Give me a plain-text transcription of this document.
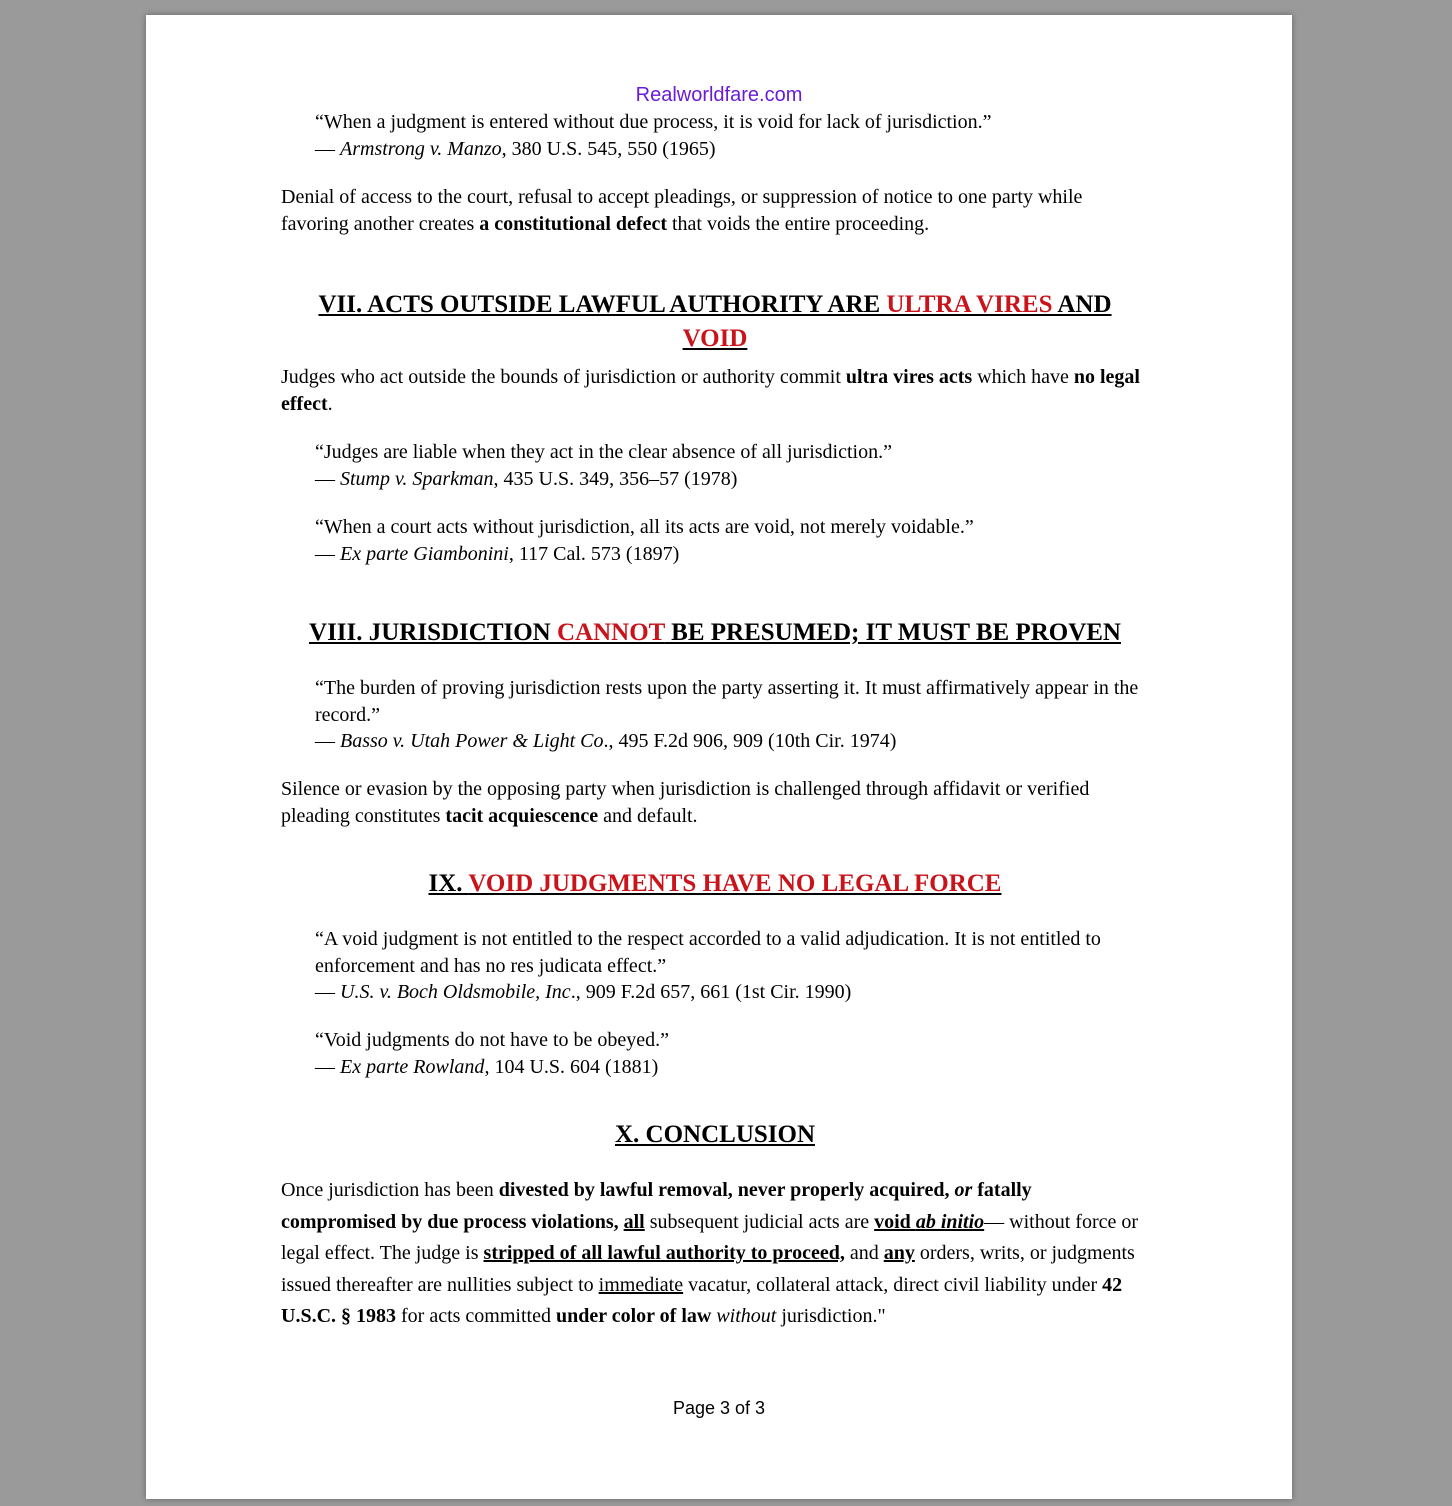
Realworldfare.com

“When a judgment is entered without due process, it is void for lack of jurisdiction.”

— Armstrong v. Manzo, 380 U.S. 545, 550 (1965)

Denial of access to the court, refusal to accept pleadings, or suppression of notice to one party while favoring another creates a constitutional defect that voids the entire proceeding.

VII. ACTS OUTSIDE LAWFUL AUTHORITY ARE ULTRA VIRES AND
VOID

Judges who act outside the bounds of jurisdiction or authority commit ultra vires acts which have no legal effect.

“Judges are liable when they act in the clear absence of all jurisdiction.”

— Stump v. Sparkman, 435 U.S. 349, 356–57 (1978)

“When a court acts without jurisdiction, all its acts are void, not merely voidable.”

— Ex parte Giambonini, 117 Cal. 573 (1897)

VIII. JURISDICTION CANNOT BE PRESUMED; IT MUST BE PROVEN

“The burden of proving jurisdiction rests upon the party asserting it. It must affirmatively appear in the record.”

— Basso v. Utah Power & Light Co., 495 F.2d 906, 909 (10th Cir. 1974)

Silence or evasion by the opposing party when jurisdiction is challenged through affidavit or verified pleading constitutes tacit acquiescence and default.

IX. VOID JUDGMENTS HAVE NO LEGAL FORCE

“A void judgment is not entitled to the respect accorded to a valid adjudication. It is not entitled to enforcement and has no res judicata effect.”

— U.S. v. Boch Oldsmobile, Inc., 909 F.2d 657, 661 (1st Cir. 1990)

“Void judgments do not have to be obeyed.”

— Ex parte Rowland, 104 U.S. 604 (1881)

X. CONCLUSION

Once jurisdiction has been divested by lawful removal, never properly acquired, or fatally compromised by due process violations, all subsequent judicial acts are void ab initio— without force or legal effect. The judge is stripped of all lawful authority to proceed, and any orders, writs, or judgments issued thereafter are nullities subject to immediate vacatur, collateral attack, direct civil liability under 42 U.S.C. § 1983 for acts committed under color of law without jurisdiction."

Page 3 of 3
